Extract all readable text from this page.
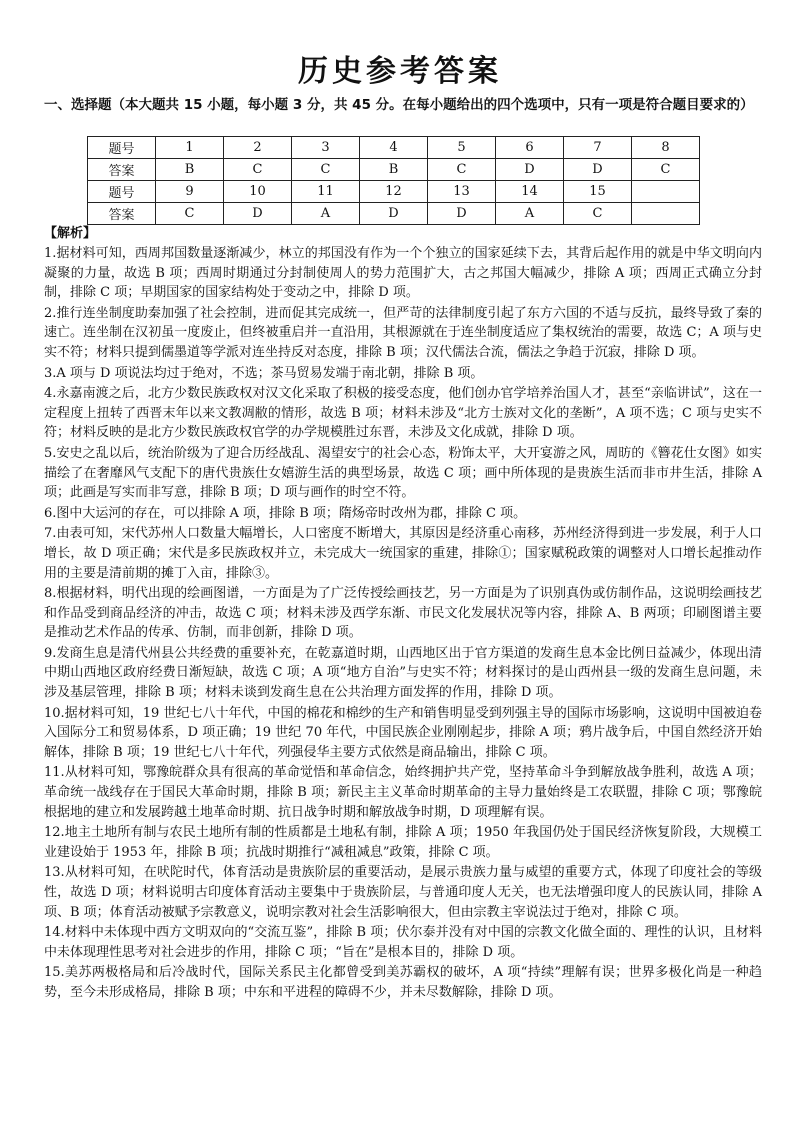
历史参考答案
一、选择题（本大题共 15 小题，每小题 3 分，共 45 分。在每小题给出的四个选项中，只有一项是符合题目要求的）
题号	1	2	3	4	5	6	7	8
答案	B	C	C	B	C	D	D	C
题号	9	10	11	12	13	14	15	
答案	C	D	A	D	D	A	C	
【解析】

1.据材料可知，西周邦国数量逐渐减少，林立的邦国没有作为一个个独立的国家延续下去，其背后起作用的就是中华文明向内凝聚的力量，故选 B 项；西周时期通过分封制使周人的势力范围扩大，古之邦国大幅减少，排除 A 项；西周正式确立分封制，排除 C 项；早期国家的国家结构处于变动之中，排除 D 项。

2.推行连坐制度助秦加强了社会控制，进而促其完成统一，但严苛的法律制度引起了东方六国的不适与反抗，最终导致了秦的速亡。连坐制在汉初虽一度废止，但终被重启并一直沿用，其根源就在于连坐制度适应了集权统治的需要，故选 C；A 项与史实不符；材料只提到儒墨道等学派对连坐持反对态度，排除 B 项；汉代儒法合流，儒法之争趋于沉寂，排除 D 项。

3.A 项与 D 项说法均过于绝对，不选；茶马贸易发端于南北朝，排除 B 项。

4.永嘉南渡之后，北方少数民族政权对汉文化采取了积极的接受态度，他们创办官学培养治国人才，甚至“亲临讲试”，这在一定程度上扭转了西晋末年以来文教凋敝的情形，故选 B 项；材料未涉及“北方士族对文化的垄断”，A 项不选；C 项与史实不符；材料反映的是北方少数民族政权官学的办学规模胜过东晋，未涉及文化成就，排除 D 项。

5.安史之乱以后，统治阶级为了迎合历经战乱、渴望安宁的社会心态，粉饰太平，大开宴游之风，周昉的《簪花仕女图》如实描绘了在奢靡风气支配下的唐代贵族仕女嬉游生活的典型场景，故选 C 项；画中所体现的是贵族生活而非市井生活，排除 A 项；此画是写实而非写意，排除 B 项；D 项与画作的时空不符。

6.图中大运河的存在，可以排除 A 项，排除 B 项；隋炀帝时改州为郡，排除 C 项。

7.由表可知，宋代苏州人口数量大幅增长，人口密度不断增大，其原因是经济重心南移，苏州经济得到进一步发展，利于人口增长，故 D 项正确；宋代是多民族政权并立，未完成大一统国家的重建，排除①；国家赋税政策的调整对人口增长起推动作用的主要是清前期的摊丁入亩，排除③。

8.根据材料，明代出现的绘画图谱，一方面是为了广泛传授绘画技艺，另一方面是为了识别真伪或仿制作品，这说明绘画技艺和作品受到商品经济的冲击，故选 C 项；材料未涉及西学东渐、市民文化发展状况等内容，排除 A、B 两项；印刷图谱主要是推动艺术作品的传承、仿制，而非创新，排除 D 项。

9.发商生息是清代州县公共经费的重要补充，在乾嘉道时期，山西地区出于官方渠道的发商生息本金比例日益减少，体现出清中期山西地区政府经费日渐短缺，故选 C 项；A 项“地方自治”与史实不符；材料探讨的是山西州县一级的发商生息问题，未涉及基层管理，排除 B 项；材料未谈到发商生息在公共治理方面发挥的作用，排除 D 项。

10.据材料可知，19 世纪七八十年代，中国的棉花和棉纱的生产和销售明显受到列强主导的国际市场影响，这说明中国被迫卷入国际分工和贸易体系，D 项正确；19 世纪 70 年代，中国民族企业刚刚起步，排除 A 项；鸦片战争后，中国自然经济开始解体，排除 B 项；19 世纪七八十年代，列强侵华主要方式依然是商品输出，排除 C 项。

11.从材料可知，鄂豫皖群众具有很高的革命觉悟和革命信念，始终拥护共产党，坚持革命斗争到解放战争胜利，故选 A 项；革命统一战线存在于国民大革命时期，排除 B 项；新民主主义革命时期革命的主导力量始终是工农联盟，排除 C 项；鄂豫皖根据地的建立和发展跨越土地革命时期、抗日战争时期和解放战争时期，D 项理解有误。

12.地主土地所有制与农民土地所有制的性质都是土地私有制，排除 A 项；1950 年我国仍处于国民经济恢复阶段，大规模工业建设始于 1953 年，排除 B 项；抗战时期推行“减租减息”政策，排除 C 项。

13.从材料可知，在吠陀时代，体育活动是贵族阶层的重要活动，是展示贵族力量与威望的重要方式，体现了印度社会的等级性，故选 D 项；材料说明古印度体育活动主要集中于贵族阶层，与普通印度人无关，也无法增强印度人的民族认同，排除 A 项、B 项；体育活动被赋予宗教意义，说明宗教对社会生活影响很大，但由宗教主宰说法过于绝对，排除 C 项。

14.材料中未体现中西方文明双向的“交流互鉴”，排除 B 项；伏尔泰并没有对中国的宗教文化做全面的、理性的认识，且材料中未体现理性思考对社会进步的作用，排除 C 项；“旨在”是根本目的，排除 D 项。

15.美苏两极格局和后冷战时代，国际关系民主化都曾受到美苏霸权的破坏，A 项“持续”理解有误；世界多极化尚是一种趋势，至今未形成格局，排除 B 项；中东和平进程的障碍不少，并未尽数解除，排除 D 项。
